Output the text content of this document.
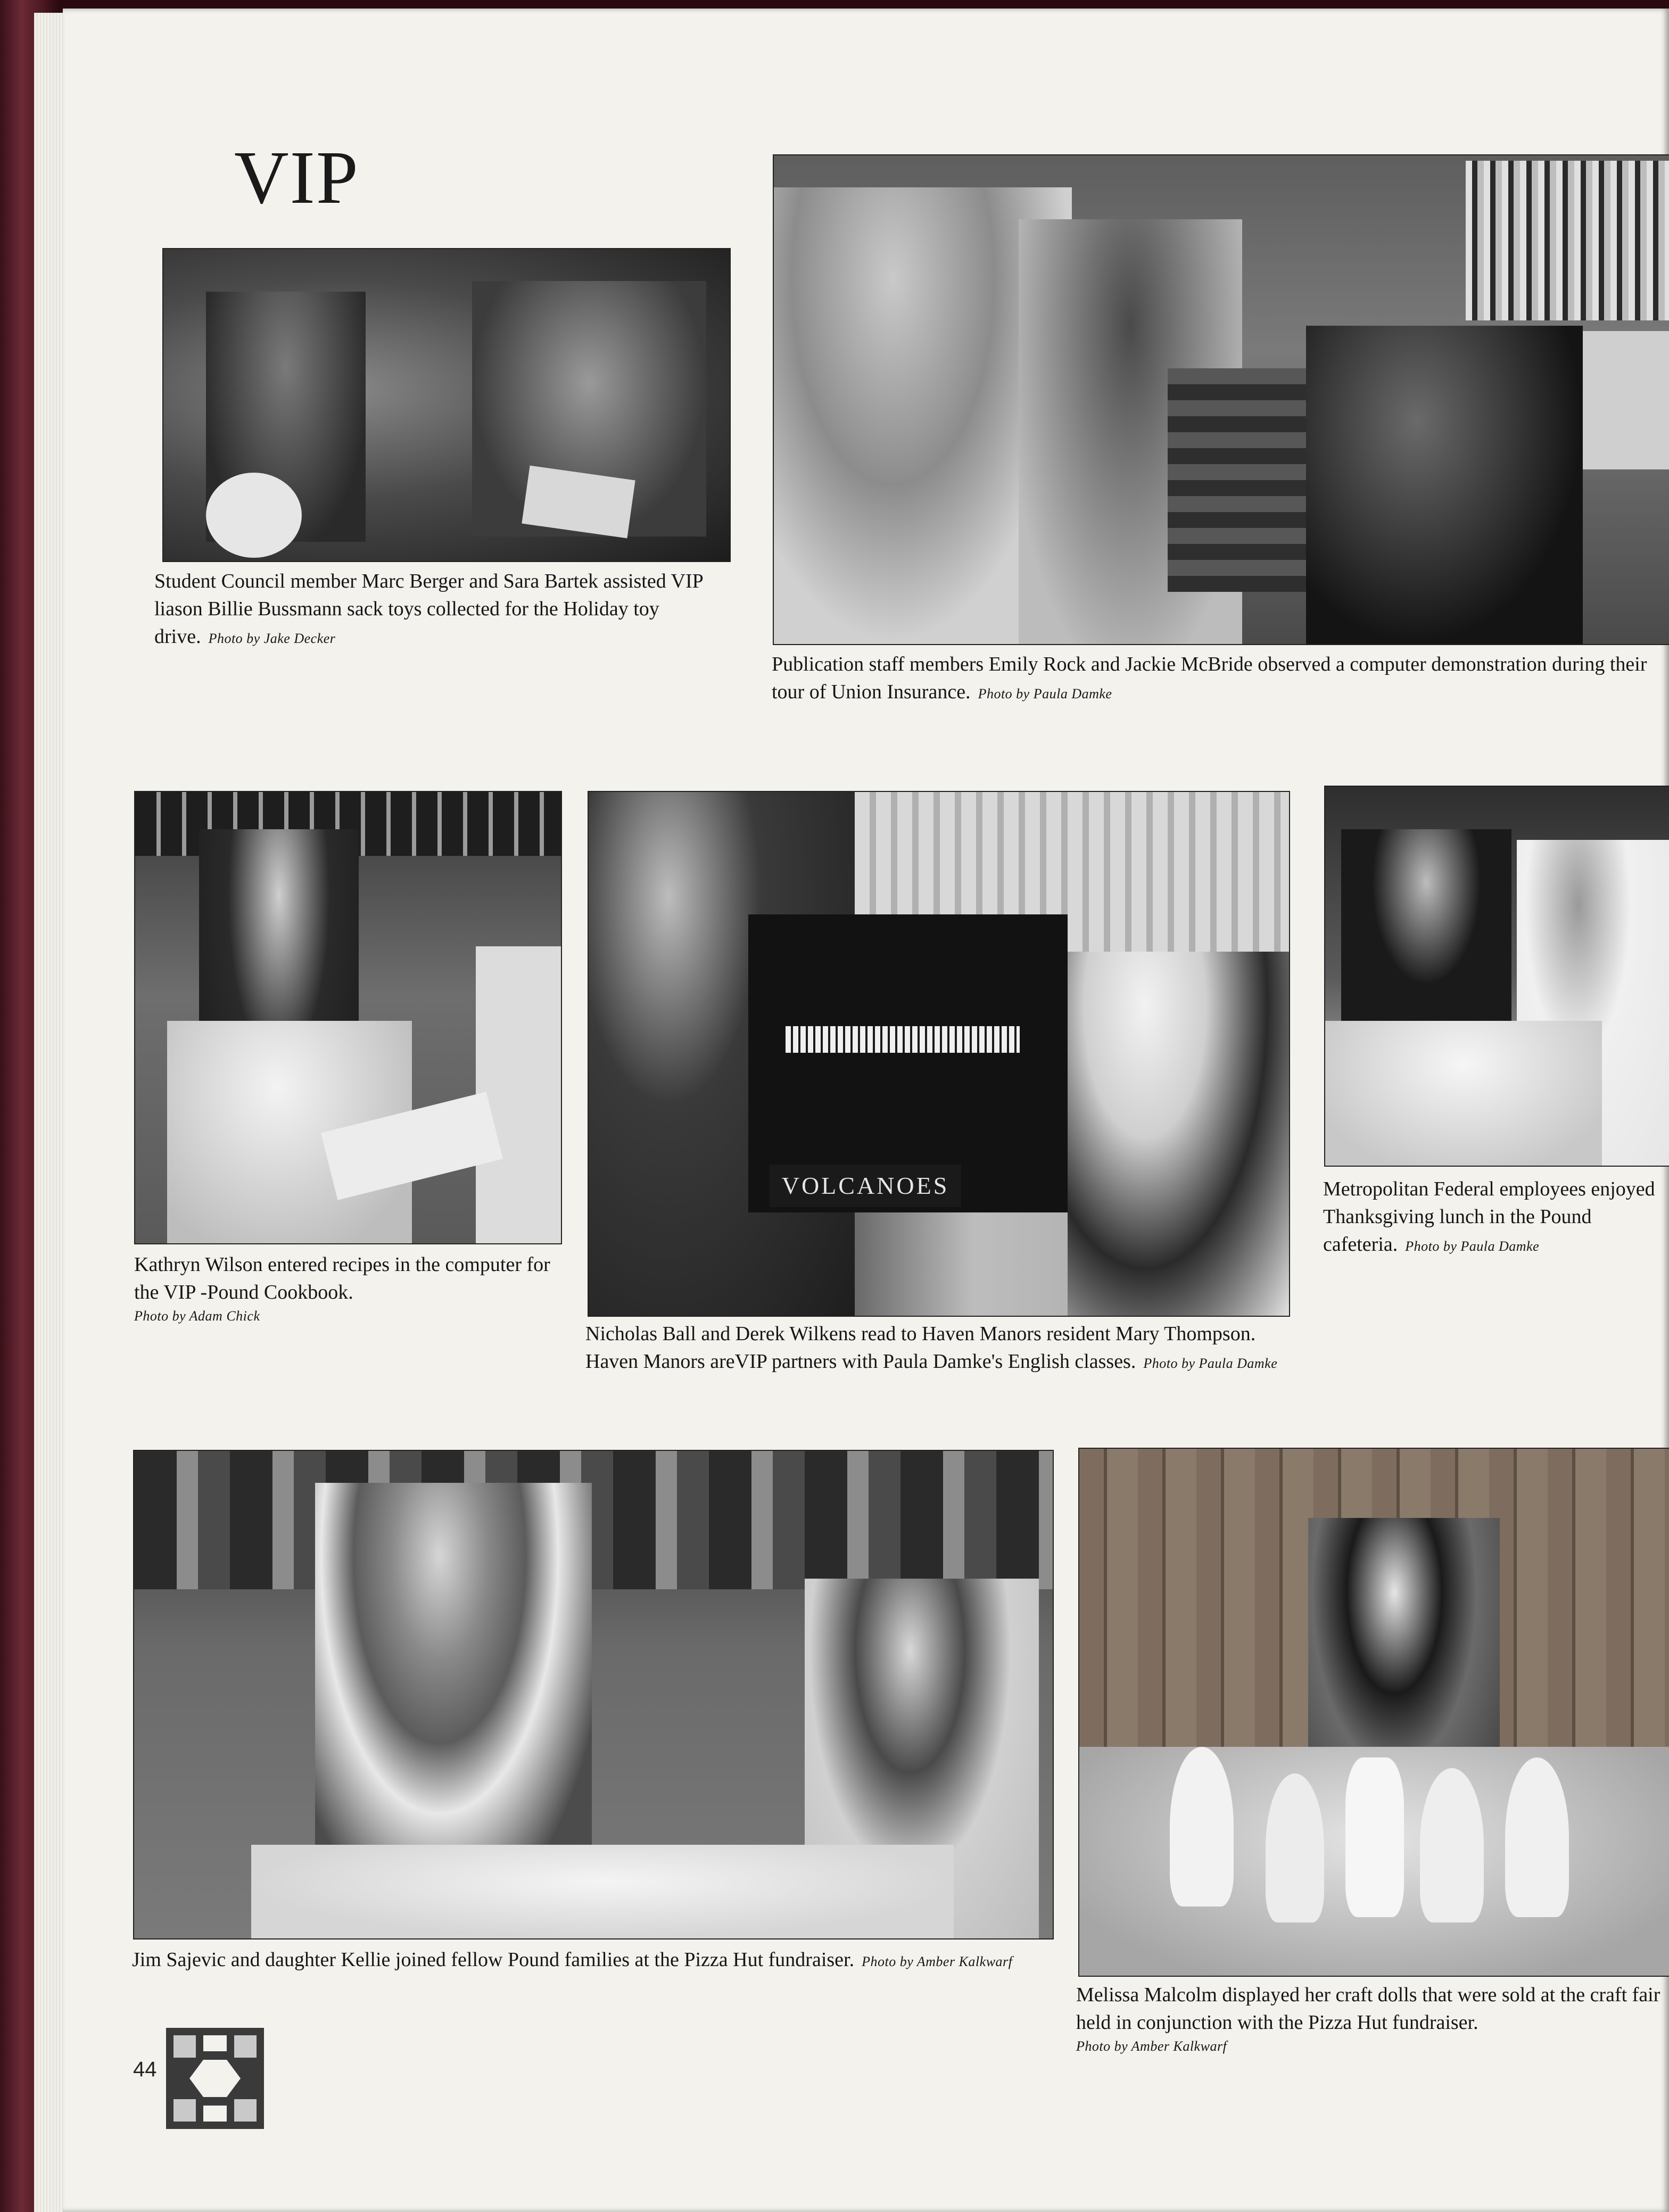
VIP
Student Council member Marc Berger and Sara Bartek assisted VIP liason Billie Bussmann sack toys collected for the Holiday toy drive. Photo by Jake Decker
Publication staff members Emily Rock and Jackie McBride observed a computer demonstration during their tour of Union Insurance. Photo by Paula Damke
Kathryn Wilson entered recipes in the computer for the VIP -Pound Cookbook.
Photo by Adam Chick
VOLCANOES
Nicholas Ball and Derek Wilkens read to Haven Manors resident Mary Thompson. Haven Manors areVIP partners with Paula Damke's English classes. Photo by Paula Damke
Metropolitan Federal employees enjoyed Thanksgiving lunch in the Pound cafeteria. Photo by Paula Damke
Jim Sajevic and daughter Kellie joined fellow Pound families at the Pizza Hut fundraiser. Photo by Amber Kalkwarf
Melissa Malcolm displayed her craft dolls that were sold at the craft fair held in conjunction with the Pizza Hut fundraiser.
Photo by Amber Kalkwarf
44
